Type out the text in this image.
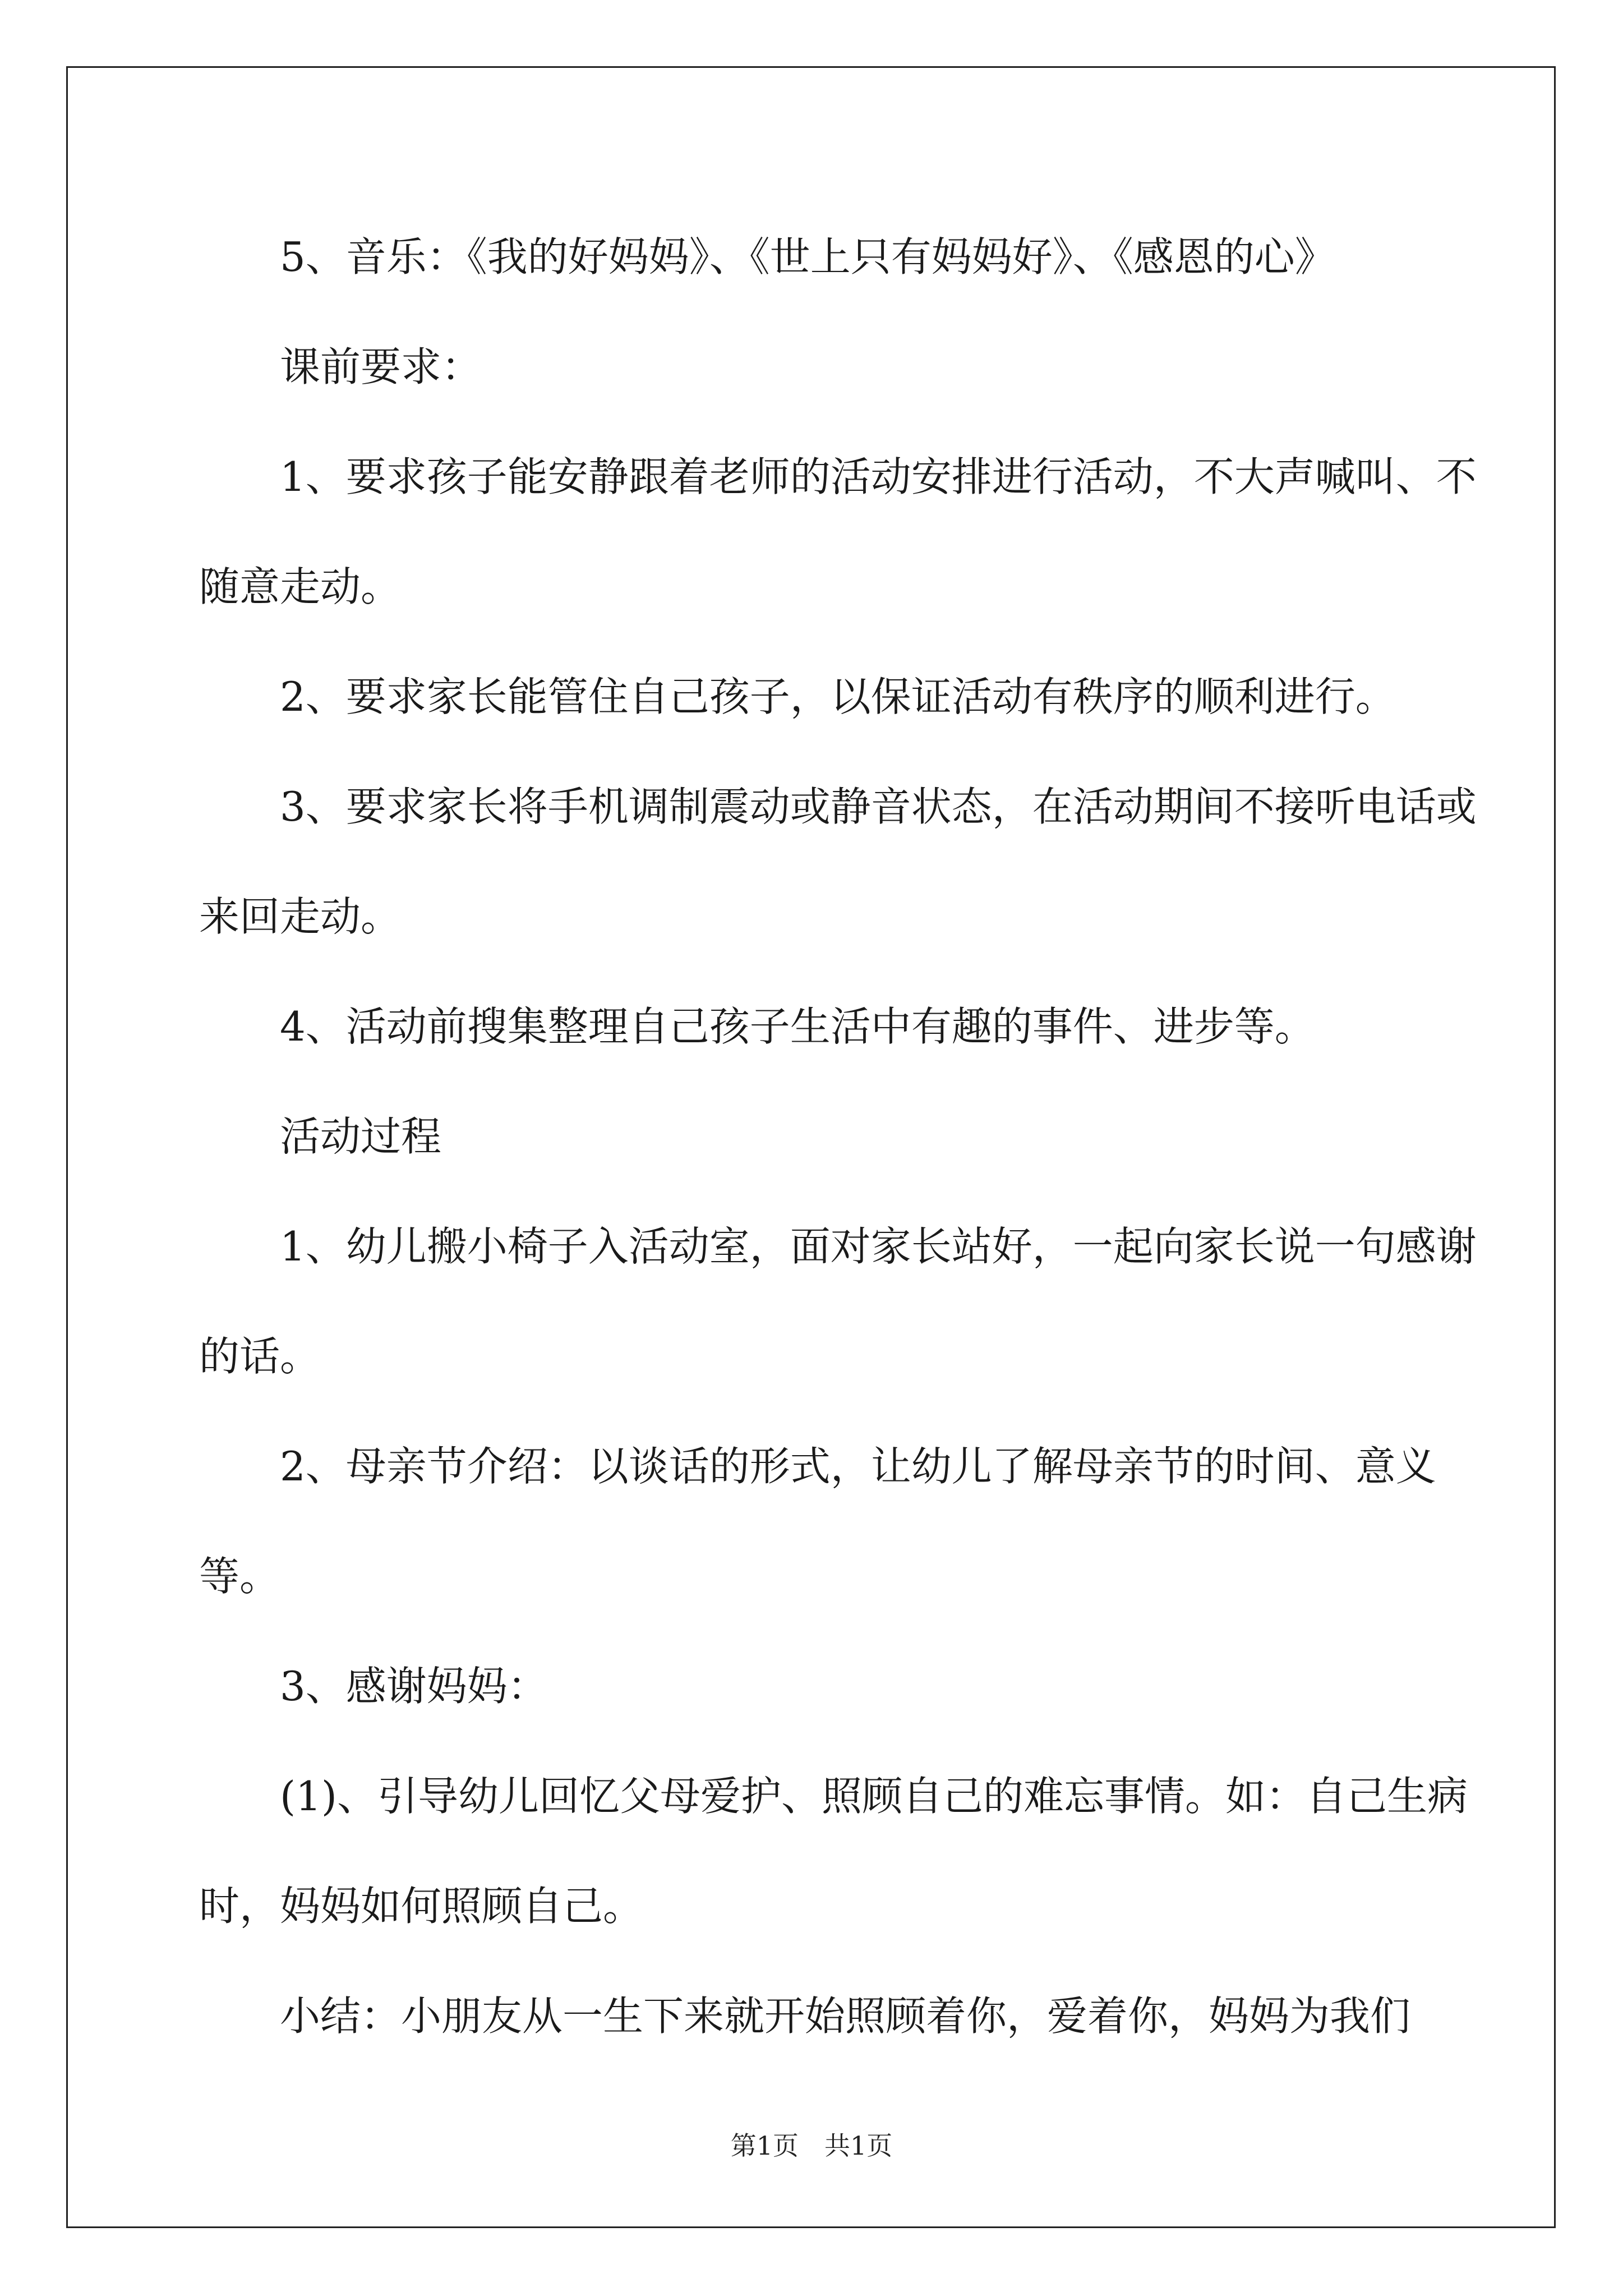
5、音乐：《我的好妈妈》、《世上只有妈妈好》、《感恩的心》

课前要求：

1、要求孩子能安静跟着老师的活动安排进行活动，不大声喊叫、不随意走动。

2、要求家长能管住自己孩子，以保证活动有秩序的顺利进行。

3、要求家长将手机调制震动或静音状态，在活动期间不接听电话或来回走动。

4、活动前搜集整理自己孩子生活中有趣的事件、进步等。

活动过程

1、幼儿搬小椅子入活动室，面对家长站好，一起向家长说一句感谢的话。

2、母亲节介绍：以谈话的形式，让幼儿了解母亲节的时间、意义等。

3、感谢妈妈：

(1)、引导幼儿回忆父母爱护、照顾自己的难忘事情。如：自己生病时，妈妈如何照顾自己。

小结：小朋友从一生下来就开始照顾着你，爱着你，妈妈为我们

第1页　共1页
